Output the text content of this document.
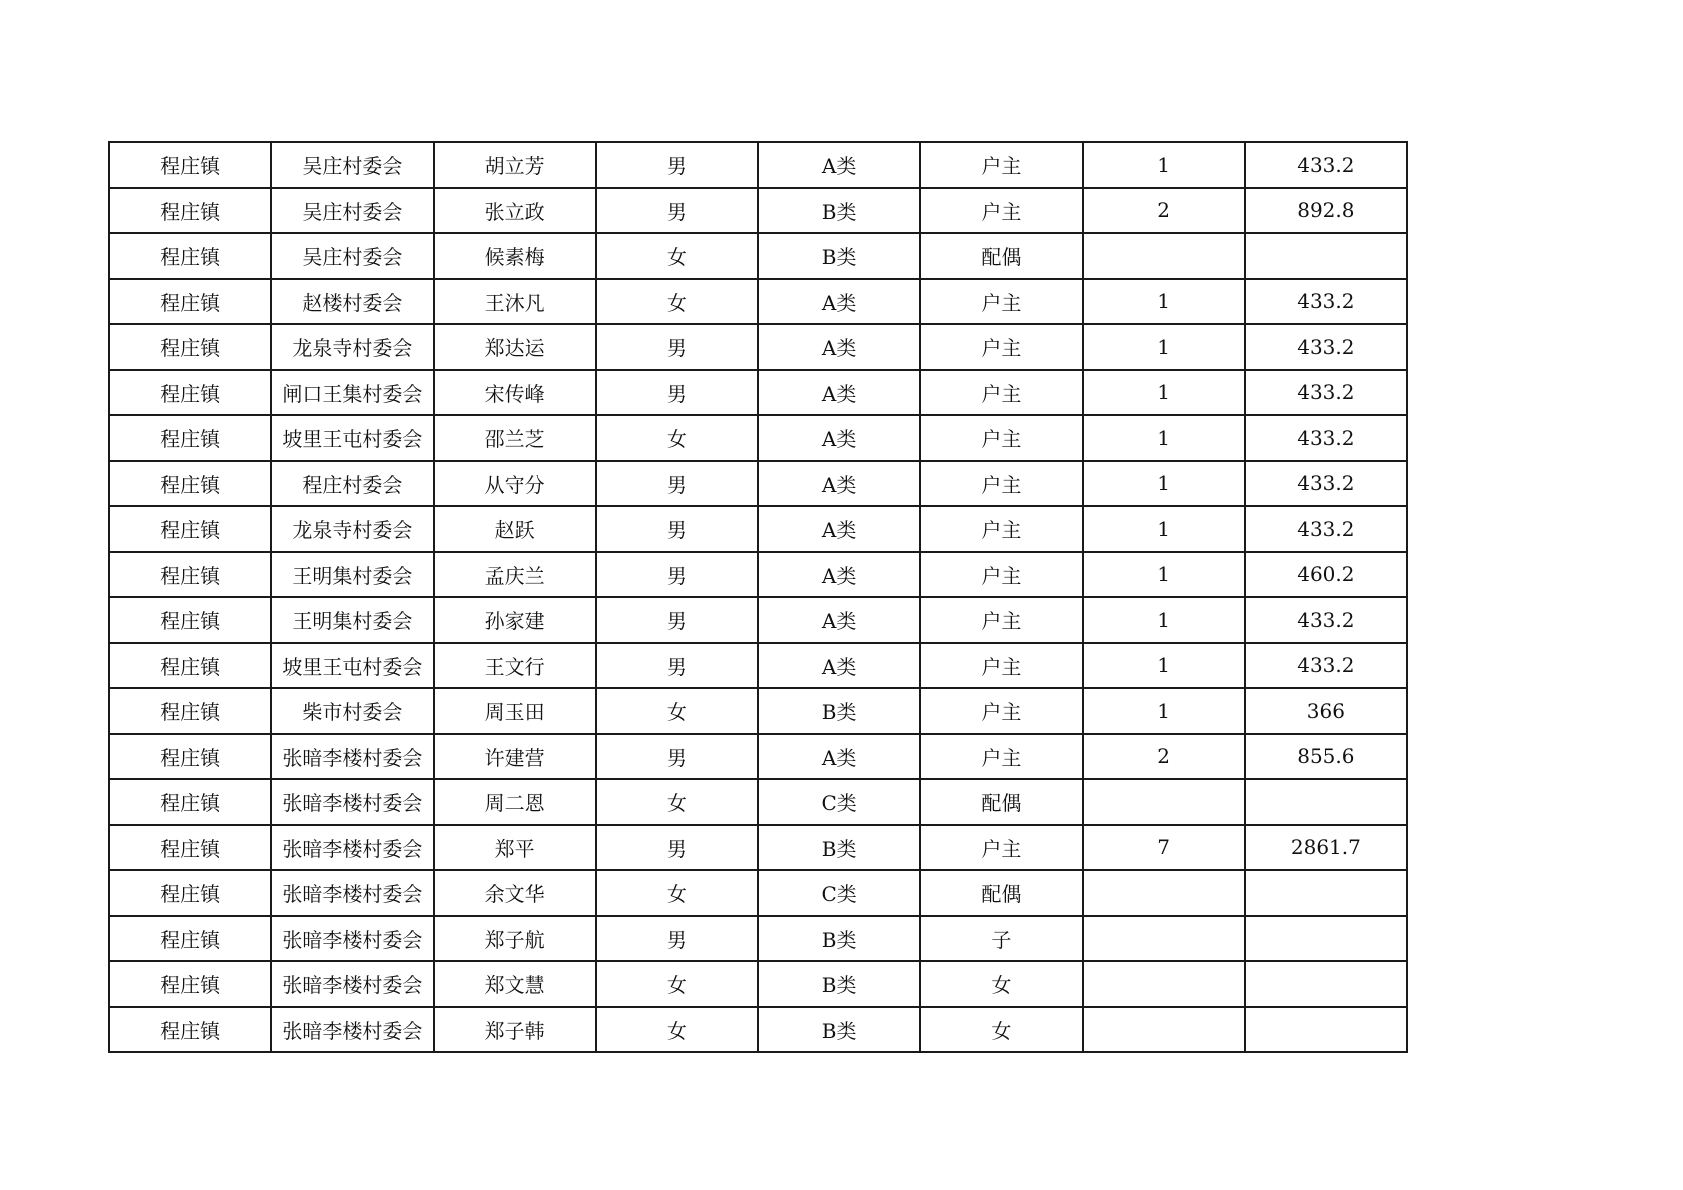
程庄镇	吴庄村委会	胡立芳	男	A类	户主	1	433.2
程庄镇	吴庄村委会	张立政	男	B类	户主	2	892.8
程庄镇	吴庄村委会	候素梅	女	B类	配偶		
程庄镇	赵楼村委会	王沐凡	女	A类	户主	1	433.2
程庄镇	龙泉寺村委会	郑达运	男	A类	户主	1	433.2
程庄镇	闸口王集村委会	宋传峰	男	A类	户主	1	433.2
程庄镇	坡里王屯村委会	邵兰芝	女	A类	户主	1	433.2
程庄镇	程庄村委会	从守分	男	A类	户主	1	433.2
程庄镇	龙泉寺村委会	赵跃	男	A类	户主	1	433.2
程庄镇	王明集村委会	孟庆兰	男	A类	户主	1	460.2
程庄镇	王明集村委会	孙家建	男	A类	户主	1	433.2
程庄镇	坡里王屯村委会	王文行	男	A类	户主	1	433.2
程庄镇	柴市村委会	周玉田	女	B类	户主	1	366
程庄镇	张暗李楼村委会	许建营	男	A类	户主	2	855.6
程庄镇	张暗李楼村委会	周二恩	女	C类	配偶		
程庄镇	张暗李楼村委会	郑平	男	B类	户主	7	2861.7
程庄镇	张暗李楼村委会	余文华	女	C类	配偶		
程庄镇	张暗李楼村委会	郑子航	男	B类	子		
程庄镇	张暗李楼村委会	郑文慧	女	B类	女		
程庄镇	张暗李楼村委会	郑子韩	女	B类	女		
